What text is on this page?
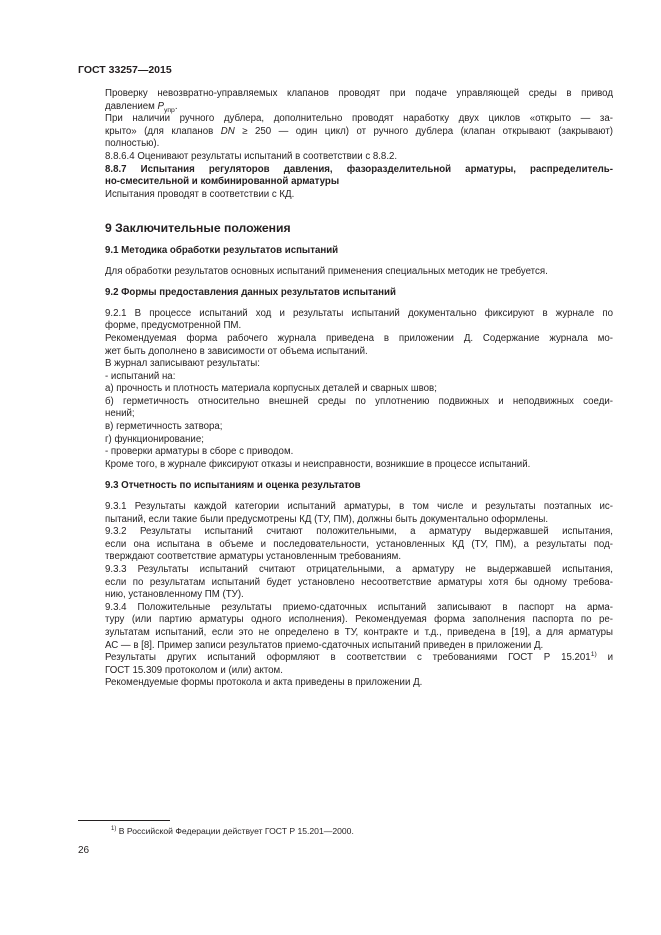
ГОСТ 33257—2015

Проверку невозвратно-управляемых клапанов проводят при подаче управляющей среды в привод
давлением $P_{упр}$.

При наличии ручного дублера, дополнительно проводят наработку двух циклов «открыто — за-
крыто» (для клапанов DN ≥ 250 — один цикл) от ручного дублера (клапан открывают (закрывают)
полностью).

8.8.6.4 Оценивают результаты испытаний в соответствии с 8.8.2.

8.8.7 Испытания регуляторов давления, фазоразделительной арматуры, распределитель-
но-смесительной и комбинированной арматуры

Испытания проводят в соответствии с КД.

9 Заключительные положения
9.1 Методика обработки результатов испытаний

Для обработки результатов основных испытаний применения специальных методик не требуется.

9.2 Формы предоставления данных результатов испытаний

9.2.1 В процессе испытаний ход и результаты испытаний документально фиксируют в журнале по
форме, предусмотренной ПМ.

Рекомендуемая форма рабочего журнала приведена в приложении Д. Содержание журнала мо-
жет быть дополнено в зависимости от объема испытаний.

В журнал записывают результаты:

- испытаний на:

а) прочность и плотность материала корпусных деталей и сварных швов;

б) герметичность относительно внешней среды по уплотнению подвижных и неподвижных соеди-
нений;

в) герметичность затвора;

г) функционирование;

- проверки арматуры в сборе с приводом.

Кроме того, в журнале фиксируют отказы и неисправности, возникшие в процессе испытаний.

9.3 Отчетность по испытаниям и оценка результатов

9.3.1 Результаты каждой категории испытаний арматуры, в том числе и результаты поэтапных ис-
пытаний, если такие были предусмотрены КД (ТУ, ПМ), должны быть документально оформлены.

9.3.2 Результаты испытаний считают положительными, а арматуру выдержавшей испытания,
если она испытана в объеме и последовательности, установленных КД (ТУ, ПМ), а результаты под-
тверждают соответствие арматуры установленным требованиям.

9.3.3 Результаты испытаний считают отрицательными, а арматуру не выдержавшей испытания,
если по результатам испытаний будет установлено несоответствие арматуры хотя бы одному требова-
нию, установленному ПМ (ТУ).

9.3.4 Положительные результаты приемо-сдаточных испытаний записывают в паспорт на арма-
туру (или партию арматуры одного исполнения). Рекомендуемая форма заполнения паспорта по ре-
зультатам испытаний, если это не определено в ТУ, контракте и т.д., приведена в [19], а для арматуры
АС — в [8]. Пример записи результатов приемо-сдаточных испытаний приведен в приложении Д.

Результаты других испытаний оформляют в соответствии с требованиями ГОСТ Р 15.201$^{1)}$ и
ГОСТ 15.309 протоколом и (или) актом.

Рекомендуемые формы протокола и акта приведены в приложении Д.

$^{1)}$ В Российской Федерации действует ГОСТ Р 15.201—2000.
26
